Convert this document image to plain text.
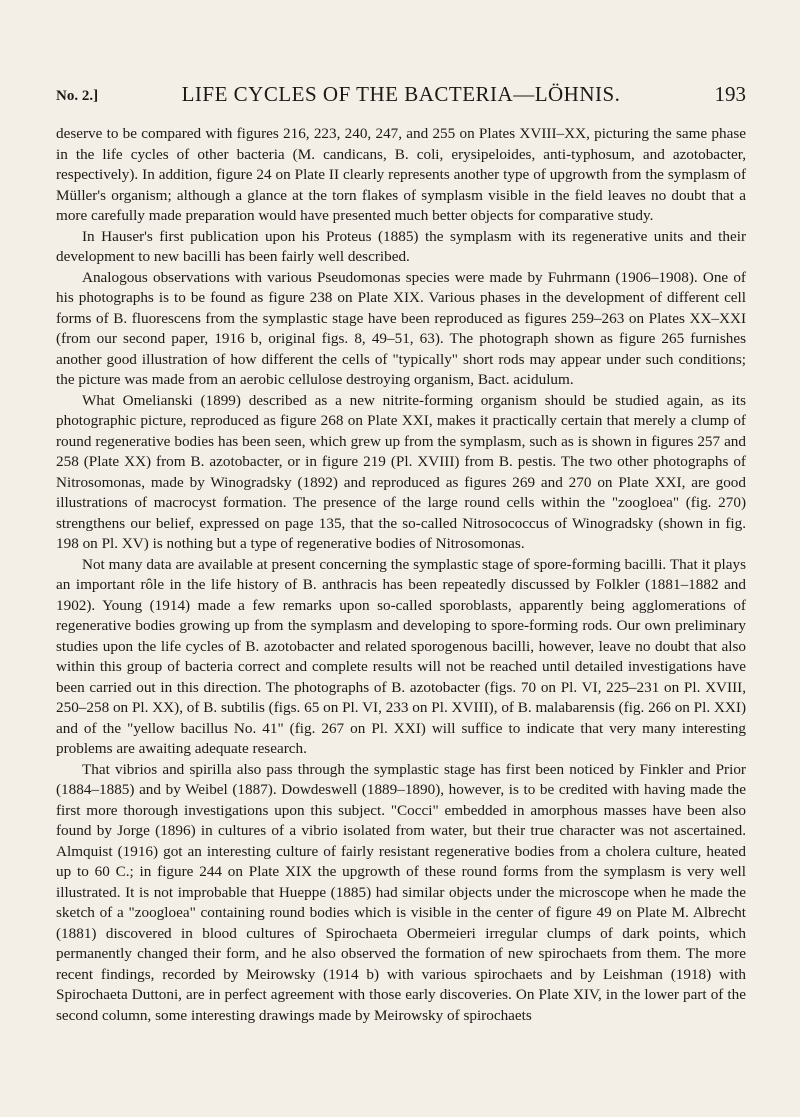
No. 2.]	LIFE CYCLES OF THE BACTERIA—LÖHNIS.	193

deserve to be compared with figures 216, 223, 240, 247, and 255 on Plates XVIII–XX, picturing the same phase in the life cycles of other bacteria (M. candicans, B. coli, erysipeloides, anti-typhosum, and azotobacter, respectively). In addition, figure 24 on Plate II clearly represents another type of upgrowth from the symplasm of Müller's organism; although a glance at the torn flakes of symplasm visible in the field leaves no doubt that a more carefully made preparation would have presented much better objects for comparative study.

In Hauser's first publication upon his Proteus (1885) the symplasm with its regenerative units and their development to new bacilli has been fairly well described.

Analogous observations with various Pseudomonas species were made by Fuhrmann (1906–1908). One of his photographs is to be found as figure 238 on Plate XIX. Various phases in the development of different cell forms of B. fluorescens from the symplastic stage have been reproduced as figures 259–263 on Plates XX–XXI (from our second paper, 1916 b, original figs. 8, 49–51, 63). The photograph shown as figure 265 furnishes another good illustration of how different the cells of "typically" short rods may appear under such conditions; the picture was made from an aerobic cellulose destroying organism, Bact. acidulum.

What Omelianski (1899) described as a new nitrite-forming organism should be studied again, as its photographic picture, reproduced as figure 268 on Plate XXI, makes it practically certain that merely a clump of round regenerative bodies has been seen, which grew up from the symplasm, such as is shown in figures 257 and 258 (Plate XX) from B. azotobacter, or in figure 219 (Pl. XVIII) from B. pestis. The two other photographs of Nitrosomonas, made by Winogradsky (1892) and reproduced as figures 269 and 270 on Plate XXI, are good illustrations of macrocyst formation. The presence of the large round cells within the "zoogloea" (fig. 270) strengthens our belief, expressed on page 135, that the so-called Nitrosococcus of Winogradsky (shown in fig. 198 on Pl. XV) is nothing but a type of regenerative bodies of Nitrosomonas.

Not many data are available at present concerning the symplastic stage of spore-forming bacilli. That it plays an important rôle in the life history of B. anthracis has been repeatedly discussed by Folkler (1881–1882 and 1902). Young (1914) made a few remarks upon so-called sporoblasts, apparently being agglomerations of regenerative bodies growing up from the symplasm and developing to spore-forming rods. Our own preliminary studies upon the life cycles of B. azotobacter and related sporogenous bacilli, however, leave no doubt that also within this group of bacteria correct and complete results will not be reached until detailed investigations have been carried out in this direction. The photographs of B. azotobacter (figs. 70 on Pl. VI, 225–231 on Pl. XVIII, 250–258 on Pl. XX), of B. subtilis (figs. 65 on Pl. VI, 233 on Pl. XVIII), of B. malabarensis (fig. 266 on Pl. XXI) and of the "yellow bacillus No. 41" (fig. 267 on Pl. XXI) will suffice to indicate that very many interesting problems are awaiting adequate research.

That vibrios and spirilla also pass through the symplastic stage has first been noticed by Finkler and Prior (1884–1885) and by Weibel (1887). Dowdeswell (1889–1890), however, is to be credited with having made the first more thorough investigations upon this subject. "Cocci" embedded in amorphous masses have been also found by Jorge (1896) in cultures of a vibrio isolated from water, but their true character was not ascertained. Almquist (1916) got an interesting culture of fairly resistant regenerative bodies from a cholera culture, heated up to 60 C.; in figure 244 on Plate XIX the upgrowth of these round forms from the symplasm is very well illustrated. It is not improbable that Hueppe (1885) had similar objects under the microscope when he made the sketch of a "zoogloea" containing round bodies which is visible in the center of figure 49 on Plate M. Albrecht (1881) discovered in blood cultures of Spirochaeta Obermeieri irregular clumps of dark points, which permanently changed their form, and he also observed the formation of new spirochaets from them. The more recent findings, recorded by Meirowsky (1914 b) with various spirochaets and by Leishman (1918) with Spirochaeta Duttoni, are in perfect agreement with those early discoveries. On Plate XIV, in the lower part of the second column, some interesting drawings made by Meirowsky of spirochaets
